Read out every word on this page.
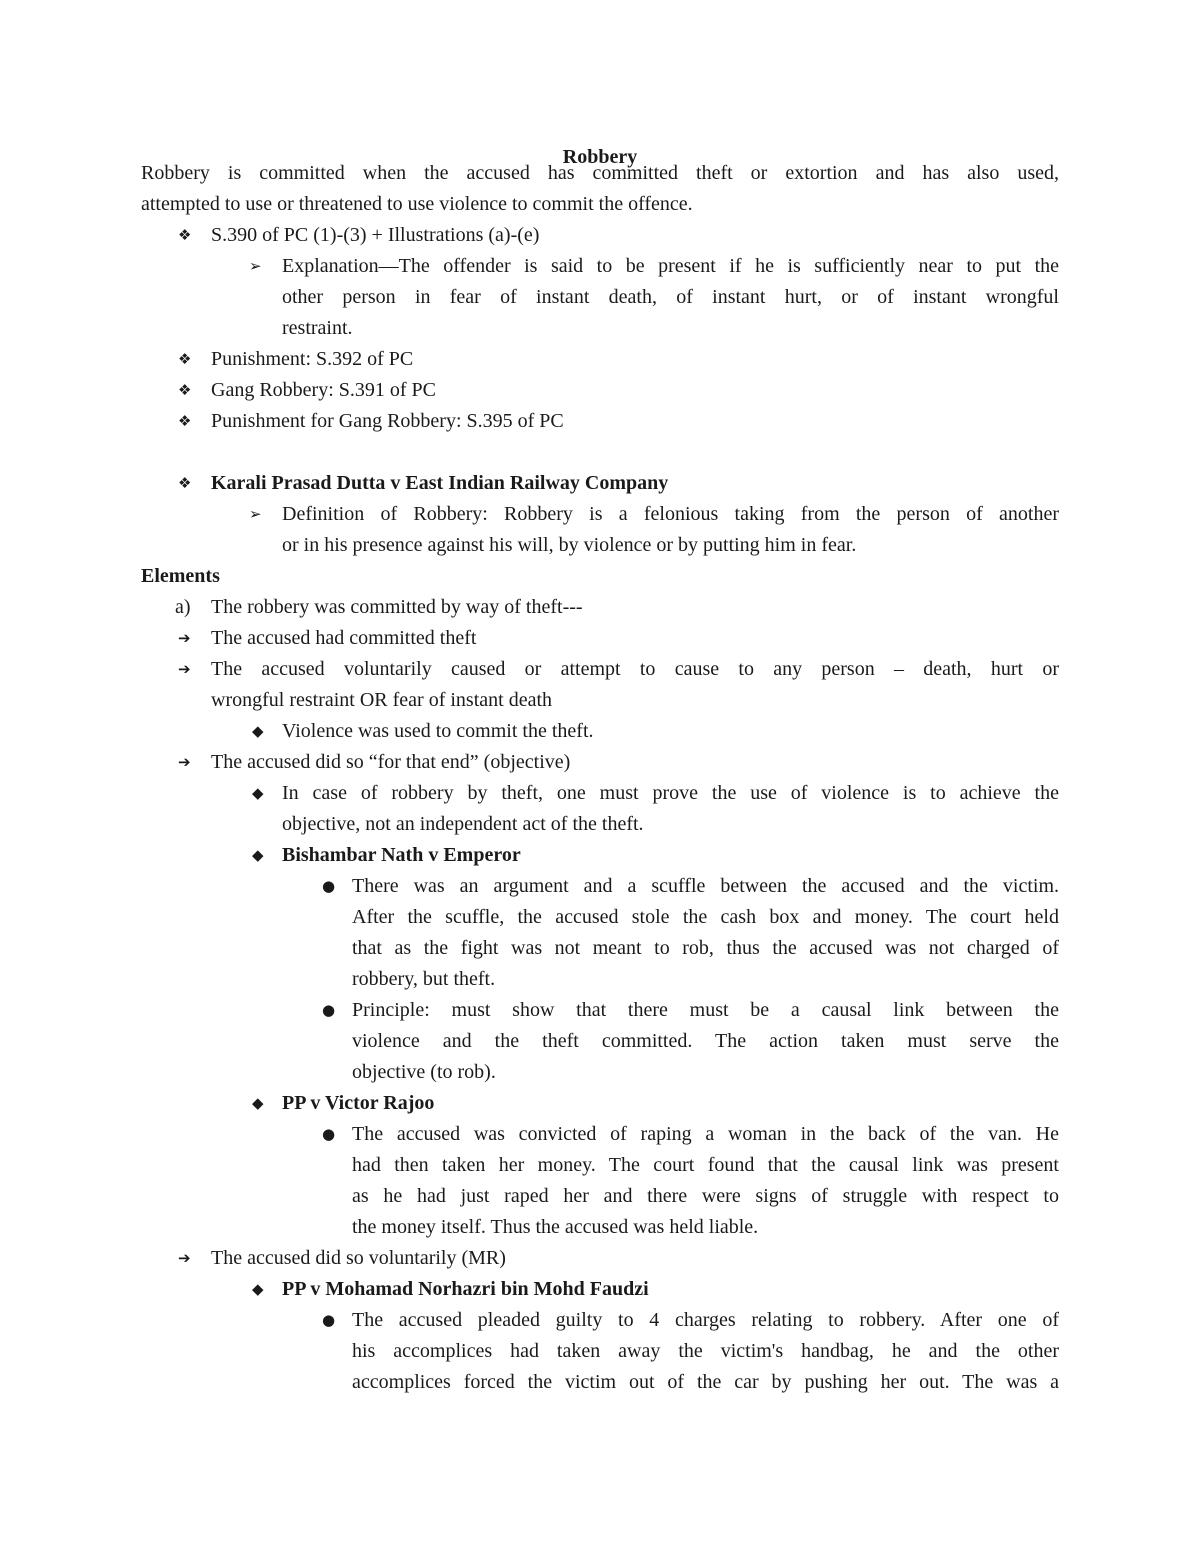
Robbery
Robbery is committed when the accused has committed theft or extortion and has also used,
attempted to use or threatened to use violence to commit the offence.
❖ S.390 of PC (1)-(3) + Illustrations (a)-(e)
➢	Explanation—The offender is said to be present if he is sufficiently near to put the
other person in fear of instant death, of instant hurt, or of instant wrongful
restraint.
❖ Punishment: S.392 of PC
❖ Gang Robbery: S.391 of PC
❖ Punishment for Gang Robbery: S.395 of PC
❖ Karali Prasad Dutta v East Indian Railway Company
➢	Definition of Robbery: Robbery is a felonious taking from the person of another
or in his presence against his will, by violence or by putting him in fear.
Elements
a)	The robbery was committed by way of theft---
➔	The accused had committed theft
➔	The accused voluntarily caused or attempt to cause to any person – death, hurt or
wrongful restraint OR fear of instant death
◆ Violence was used to commit the theft.
➔	The accused did so “for that end” (objective)
◆ In case of robbery by theft, one must prove the use of violence is to achieve the
objective, not an independent act of the theft.
◆ Bishambar Nath v Emperor
● There was an argument and a scuffle between the accused and the victim.
After the scuffle, the accused stole the cash box and money. The court held
that as the fight was not meant to rob, thus the accused was not charged of
robbery, but theft.
● Principle: must show that there must be a causal link between the
violence and the theft committed. The action taken must serve the
objective (to rob).
◆ PP v Victor Rajoo
● The accused was convicted of raping a woman in the back of the van. He
had then taken her money. The court found that the causal link was present
as he had just raped her and there were signs of struggle with respect to
the money itself. Thus the accused was held liable.
➔	The accused did so voluntarily (MR)
◆ PP v Mohamad Norhazri bin Mohd Faudzi
● The accused pleaded guilty to 4 charges relating to robbery. After one of
his accomplices had taken away the victim's handbag, he and the other
accomplices forced the victim out of the car by pushing her out. The was a
